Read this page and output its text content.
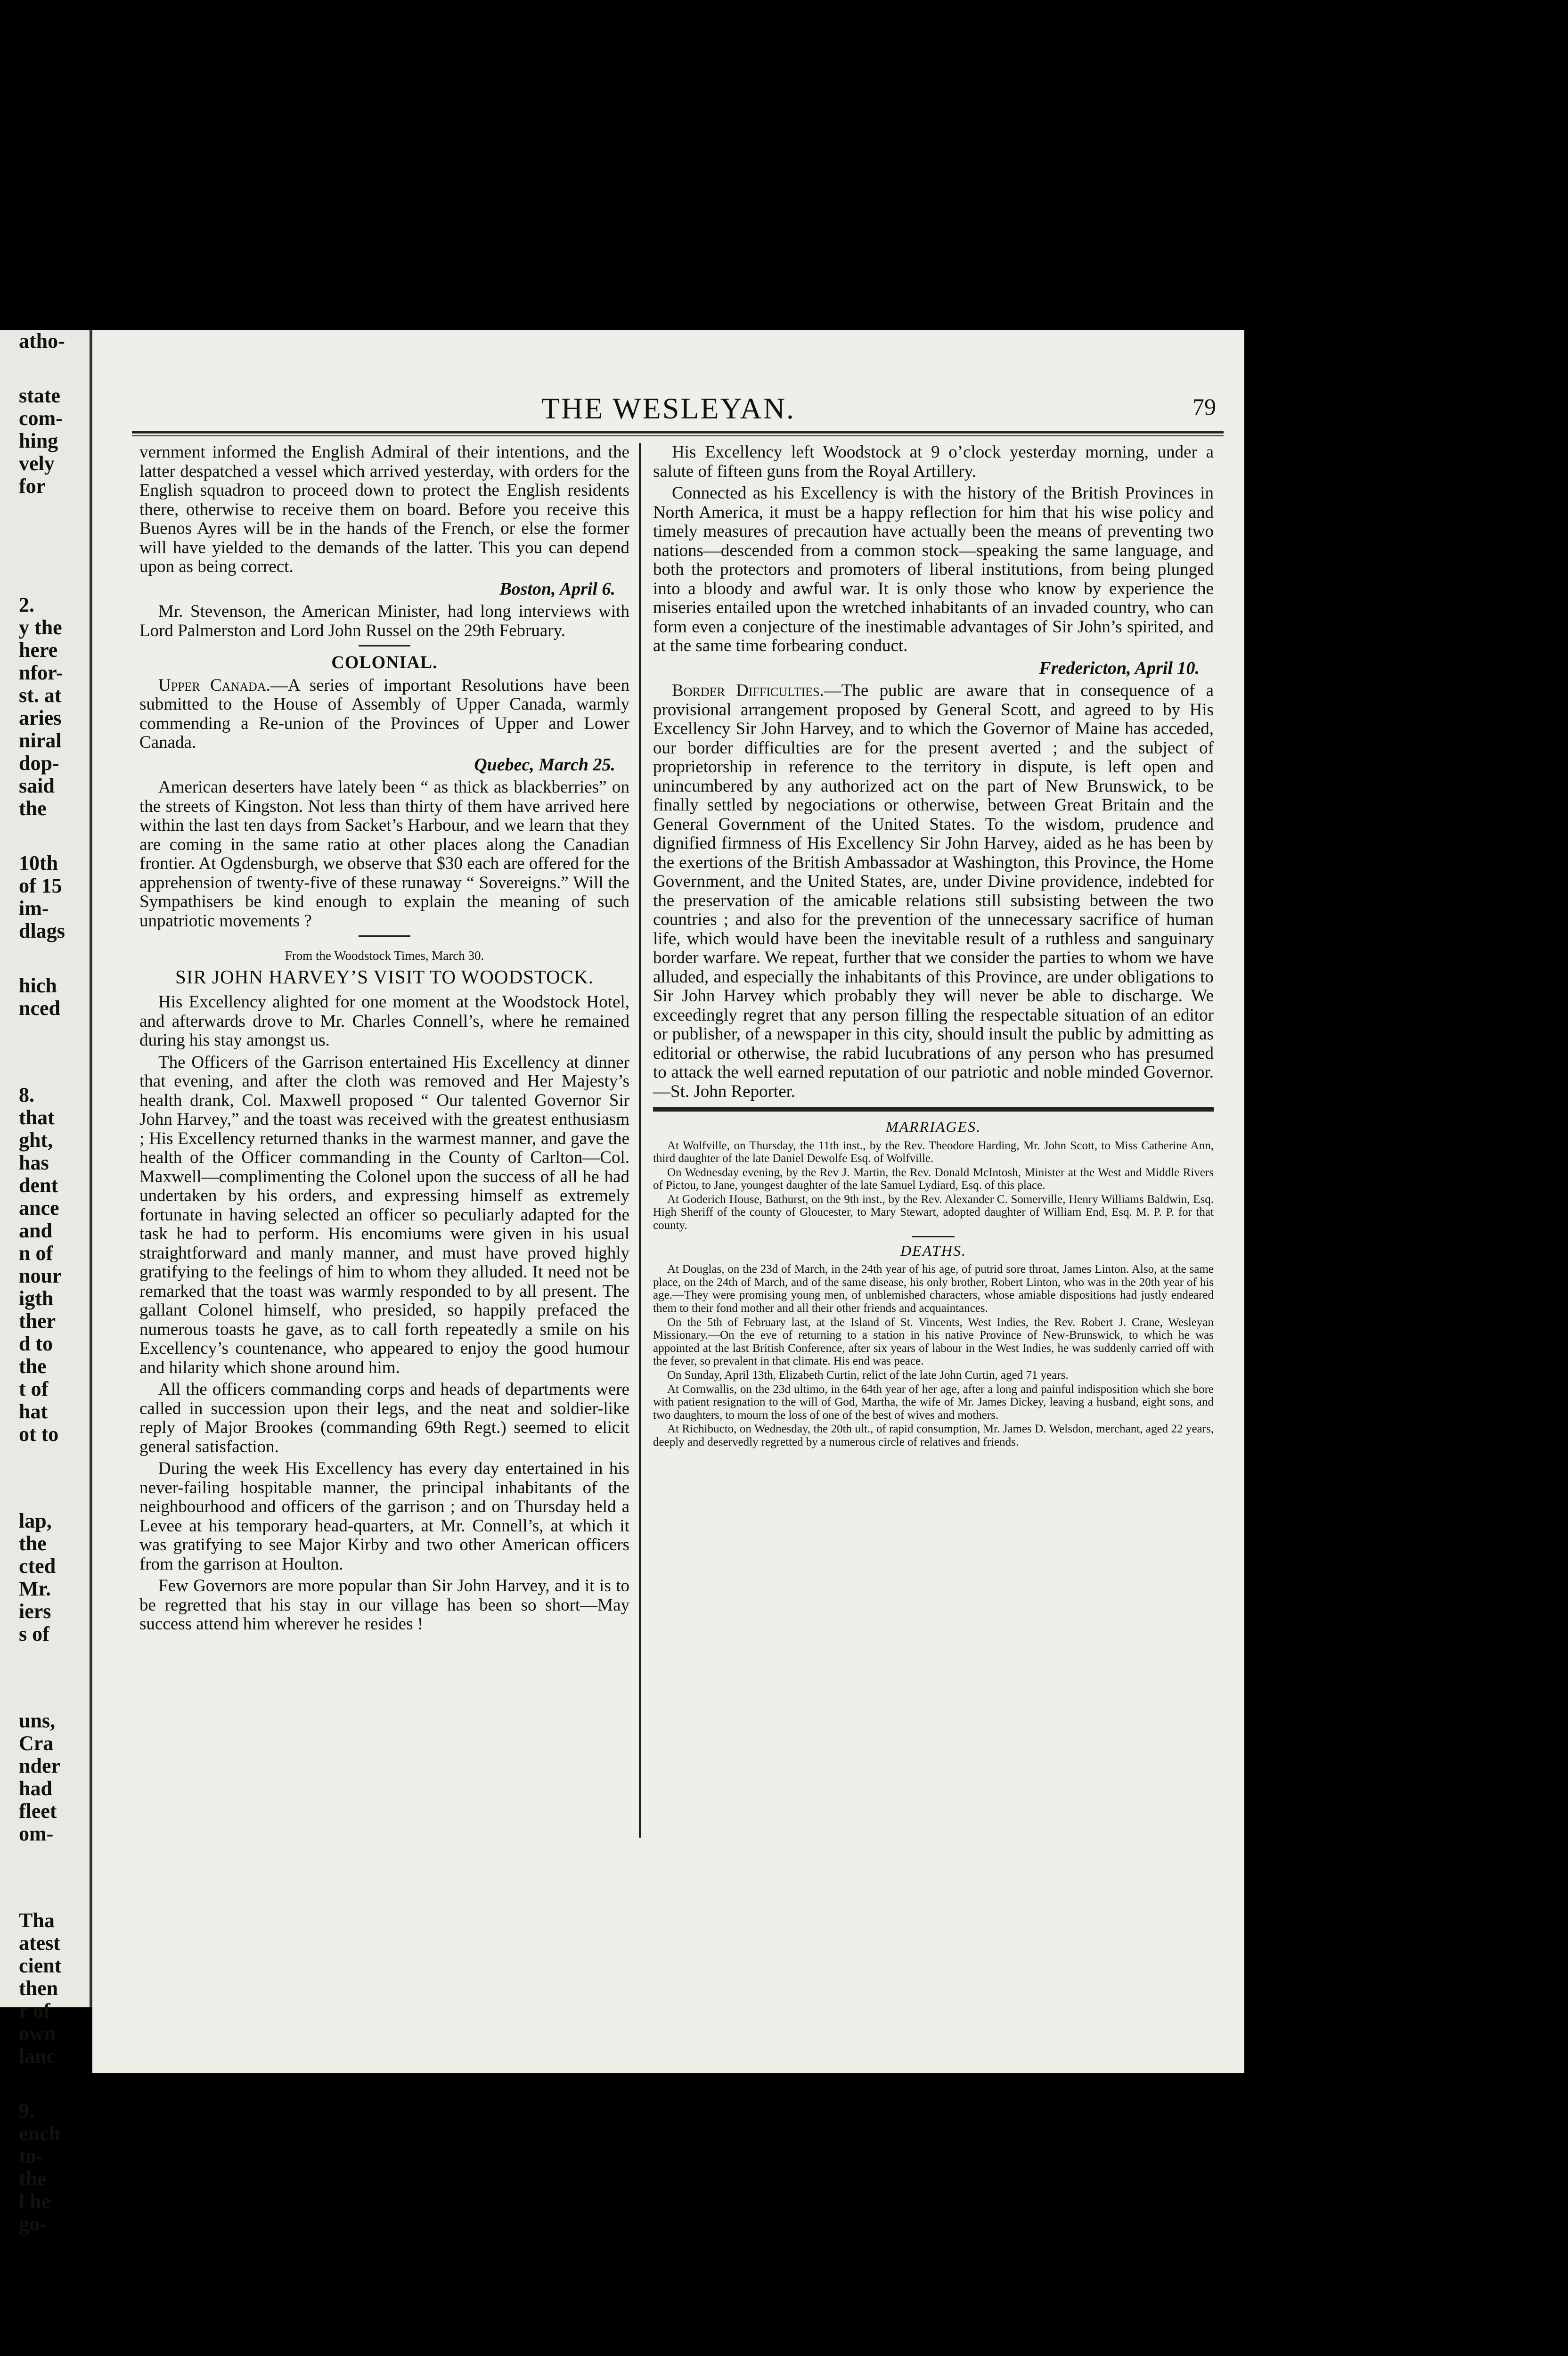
atho-
state
com-
hing
vely
for
2.
y the
here
nfor-
st. at
aries
niral
dop-
said
the
10th
of 15
im-
dlags
hich
nced
8.
that
ght,
has
dent
ance
and
n of
nour
igth
ther
d to
the
t of
hat
ot to
lap,
the
cted
Mr.
iers
s of
uns,
Cra
nder
had
fleet
om-
Tha
atest
cient
then
r of
own
lanc
9.
ench
to-
the
l he
go-
THE WESLEYAN.	79

vernment informed the English Admiral of their intentions, and the latter despatched a vessel which arrived yesterday, with orders for the English squadron to proceed down to protect the English residents there, otherwise to receive them on board. Before you receive this Buenos Ayres will be in the hands of the French, or else the former will have yielded to the demands of the latter. This you can depend upon as being correct.

Boston, April 6.

Mr. Stevenson, the American Minister, had long interviews with Lord Palmerston and Lord John Russel on the 29th February.

COLONIAL.

Upper Canada.—A series of important Resolutions have been submitted to the House of Assembly of Upper Canada, warmly commending a Re-union of the Provinces of Upper and Lower Canada.

Quebec, March 25.

American deserters have lately been “ as thick as blackberries” on the streets of Kingston. Not less than thirty of them have arrived here within the last ten days from Sacket’s Harbour, and we learn that they are coming in the same ratio at other places along the Canadian frontier. At Ogdensburgh, we observe that $30 each are offered for the apprehension of twenty-five of these runaway “ Sovereigns.” Will the Sympathisers be kind enough to explain the meaning of such unpatriotic movements ?

From the Woodstock Times, March 30.

SIR JOHN HARVEY’S VISIT TO WOODSTOCK.

His Excellency alighted for one moment at the Woodstock Hotel, and afterwards drove to Mr. Charles Connell’s, where he remained during his stay amongst us.

The Officers of the Garrison entertained His Excellency at dinner that evening, and after the cloth was removed and Her Majesty’s health drank, Col. Maxwell proposed “ Our talented Governor Sir John Harvey,” and the toast was received with the greatest enthusiasm ; His Excellency returned thanks in the warmest manner, and gave the health of the Officer commanding in the County of Carlton—Col. Maxwell—complimenting the Colonel upon the success of all he had undertaken by his orders, and expressing himself as extremely fortunate in having selected an officer so peculiarly adapted for the task he had to perform. His encomiums were given in his usual straightforward and manly manner, and must have proved highly gratifying to the feelings of him to whom they alluded. It need not be remarked that the toast was warmly responded to by all present. The gallant Colonel himself, who presided, so happily prefaced the numerous toasts he gave, as to call forth repeatedly a smile on his Excellency’s countenance, who appeared to enjoy the good humour and hilarity which shone around him.

All the officers commanding corps and heads of departments were called in succession upon their legs, and the neat and soldier-like reply of Major Brookes (commanding 69th Regt.) seemed to elicit general satisfaction.

During the week His Excellency has every day entertained in his never-failing hospitable manner, the principal inhabitants of the neighbourhood and officers of the garrison ; and on Thursday held a Levee at his temporary head-quarters, at Mr. Connell’s, at which it was gratifying to see Major Kirby and two other American officers from the garrison at Houlton.

Few Governors are more popular than Sir John Harvey, and it is to be regretted that his stay in our village has been so short—May success attend him wherever he resides !

His Excellency left Woodstock at 9 o’clock yesterday morning, under a salute of fifteen guns from the Royal Artillery.

Connected as his Excellency is with the history of the British Provinces in North America, it must be a happy reflection for him that his wise policy and timely measures of precaution have actually been the means of preventing two nations—descended from a common stock—speaking the same language, and both the protectors and promoters of liberal institutions, from being plunged into a bloody and awful war. It is only those who know by experience the miseries entailed upon the wretched inhabitants of an invaded country, who can form even a conjecture of the inestimable advantages of Sir John’s spirited, and at the same time forbearing conduct.

Fredericton, April 10.

Border Difficulties.—The public are aware that in consequence of a provisional arrangement proposed by General Scott, and agreed to by His Excellency Sir John Harvey, and to which the Governor of Maine has acceded, our border difficulties are for the present averted ; and the subject of proprietorship in reference to the territory in dispute, is left open and unincumbered by any authorized act on the part of New Brunswick, to be finally settled by negociations or otherwise, between Great Britain and the General Government of the United States. To the wisdom, prudence and dignified firmness of His Excellency Sir John Harvey, aided as he has been by the exertions of the British Ambassador at Washington, this Province, the Home Government, and the United States, are, under Divine providence, indebted for the preservation of the amicable relations still subsisting between the two countries ; and also for the prevention of the unnecessary sacrifice of human life, which would have been the inevitable result of a ruthless and sanguinary border warfare. We repeat, further that we consider the parties to whom we have alluded, and especially the inhabitants of this Province, are under obligations to Sir John Harvey which probably they will never be able to discharge. We exceedingly regret that any person filling the respectable situation of an editor or publisher, of a newspaper in this city, should insult the public by admitting as editorial or otherwise, the rabid lucubrations of any person who has presumed to attack the well earned reputation of our patriotic and noble minded Governor.—St. John Reporter.

MARRIAGES.

At Wolfville, on Thursday, the 11th inst., by the Rev. Theodore Harding, Mr. John Scott, to Miss Catherine Ann, third daughter of the late Daniel Dewolfe Esq. of Wolfville.

On Wednesday evening, by the Rev J. Martin, the Rev. Donald McIntosh, Minister at the West and Middle Rivers of Pictou, to Jane, youngest daughter of the late Samuel Lydiard, Esq. of this place.

At Goderich House, Bathurst, on the 9th inst., by the Rev. Alexander C. Somerville, Henry Williams Baldwin, Esq. High Sheriff of the county of Gloucester, to Mary Stewart, adopted daughter of William End, Esq. M. P. P. for that county.

DEATHS.

At Douglas, on the 23d of March, in the 24th year of his age, of putrid sore throat, James Linton. Also, at the same place, on the 24th of March, and of the same disease, his only brother, Robert Linton, who was in the 20th year of his age.—They were promising young men, of unblemished characters, whose amiable dispositions had justly endeared them to their fond mother and all their other friends and acquaintances.

On the 5th of February last, at the Island of St. Vincents, West Indies, the Rev. Robert J. Crane, Wesleyan Missionary.—On the eve of returning to a station in his native Province of New-Brunswick, to which he was appointed at the last British Conference, after six years of labour in the West Indies, he was suddenly carried off with the fever, so prevalent in that climate. His end was peace.

On Sunday, April 13th, Elizabeth Curtin, relict of the late John Curtin, aged 71 years.

At Cornwallis, on the 23d ultimo, in the 64th year of her age, after a long and painful indisposition which she bore with patient resignation to the will of God, Martha, the wife of Mr. James Dickey, leaving a husband, eight sons, and two daughters, to mourn the loss of one of the best of wives and mothers.

At Richibucto, on Wednesday, the 20th ult., of rapid consumption, Mr. James D. Welsdon, merchant, aged 22 years, deeply and deservedly regretted by a numerous circle of relatives and friends.
